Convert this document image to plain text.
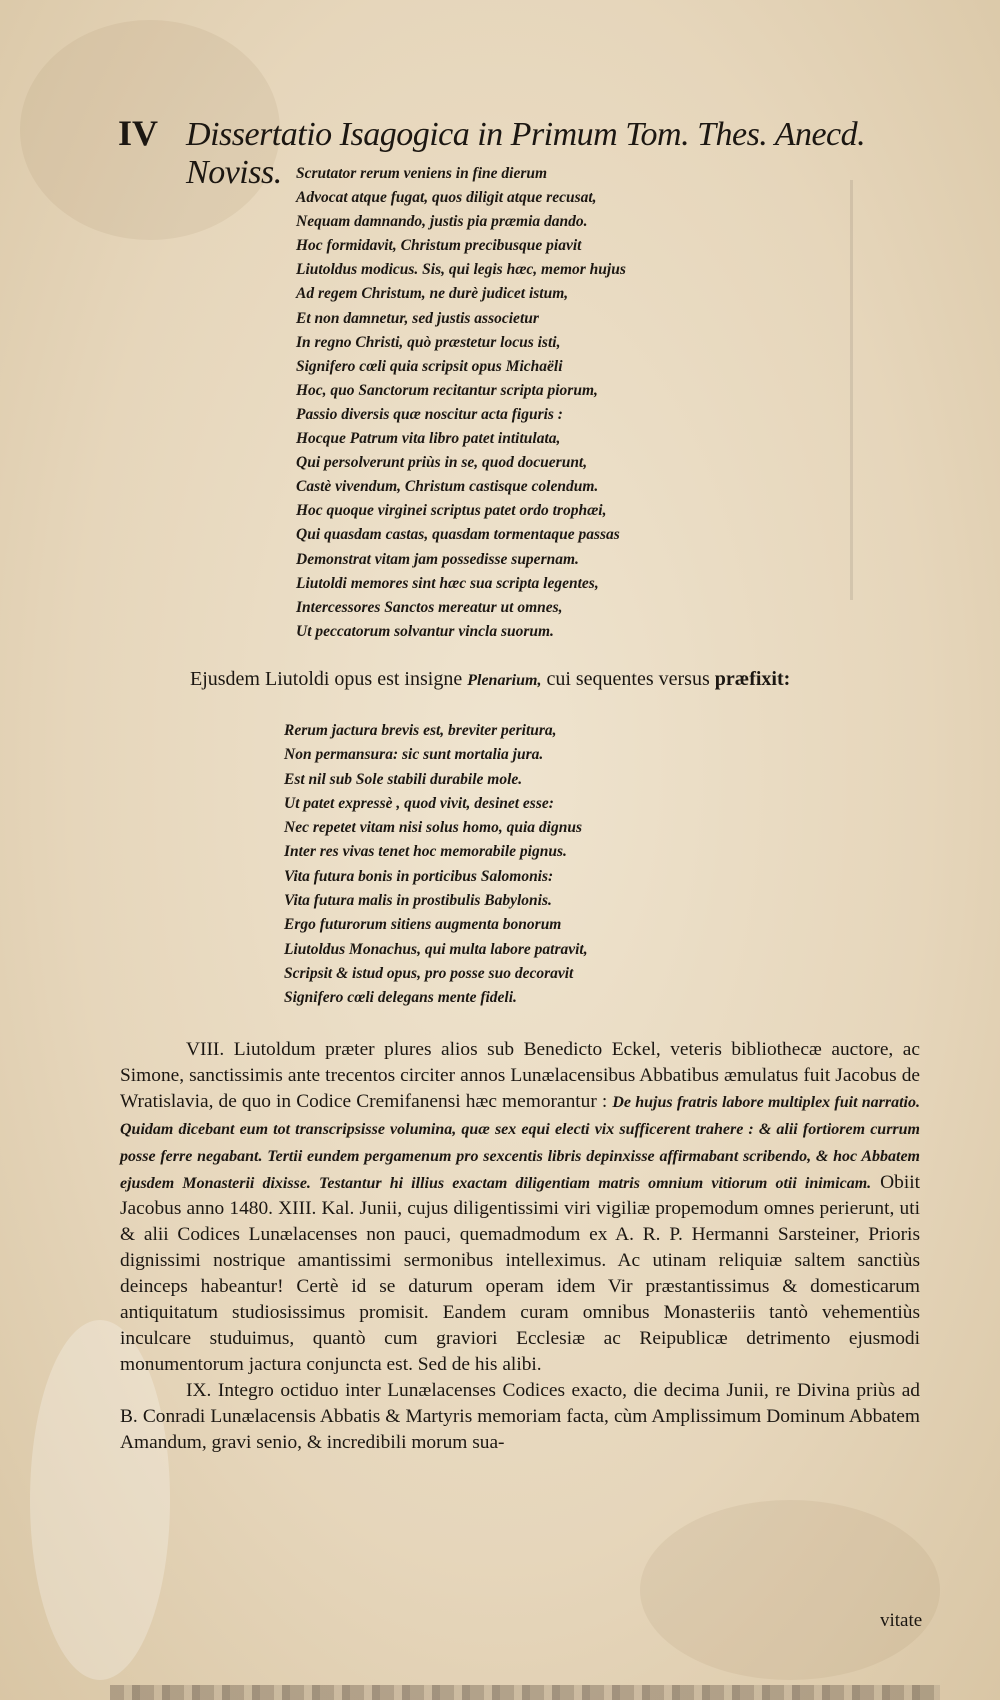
IV Dissertatio Isagogica in Primum Tom. Thes. Anecd. Noviss. Scrutator rerum veniens in fine dierum
Advocat atque fugat, quos diligit atque recusat,
Nequam damnando, justis pia præmia dando.
Hoc formidavit, Christum precibusque piavit
Liutoldus modicus. Sis, qui legis hæc, memor hujus
Ad regem Christum, ne durè judicet istum,
Et non damnetur, sed justis associetur
In regno Christi, quò præstetur locus isti,
Signifero cœli quia scripsit opus Michaëli
Hoc, quo Sanctorum recitantur scripta piorum,
Passio diversis quæ noscitur acta figuris :
Hocque Patrum vita libro patet intitulata,
Qui persolverunt priùs in se, quod docuerunt,
Castè vivendum, Christum castisque colendum.
Hoc quoque virginei scriptus patet ordo trophæi,
Qui quasdam castas, quasdam tormentaque passas
Demonstrat vitam jam possedisse supernam.
Liutoldi memores sint hæc sua scripta legentes,
Intercessores Sanctos mereatur ut omnes,
Ut peccatorum solvantur vincla suorum.
Ejusdem Liutoldi opus est insigne Plenarium, cui sequentes versus præfixit:
Rerum jactura brevis est, breviter peritura,
Non permansura: sic sunt mortalia jura.
Est nil sub Sole stabili durabile mole.
Ut patet expressè , quod vivit, desinet esse:
Nec repetet vitam nisi solus homo, quia dignus
Inter res vivas tenet hoc memorabile pignus.
Vita futura bonis in porticibus Salomonis:
Vita futura malis in prostibulis Babylonis.
Ergo futurorum sitiens augmenta bonorum
Liutoldus Monachus, qui multa labore patravit,
Scripsit & istud opus, pro posse suo decoravit
Signifero cœli delegans mente fideli.

VIII. Liutoldum præter plures alios sub Benedicto Eckel, veteris bibliothecæ auctore, ac Simone, sanctissimis ante trecentos circiter annos Lunælacensibus Abbatibus æmulatus fuit Jacobus de Wratislavia, de quo in Codice Cremifanensi hæc memorantur : De hujus fratris labore multiplex fuit narratio. Quidam dicebant eum tot transcripsisse volumina, quæ sex equi electi vix sufficerent trahere : & alii fortiorem currum posse ferre negabant. Tertii eundem pergamenum pro sexcentis libris depinxisse affirmabant scribendo, & hoc Abbatem ejusdem Monasterii dixisse. Testantur hi illius exactam diligentiam matris omnium vitiorum otii inimicam. Obiit Jacobus anno 1480. XIII. Kal. Junii, cujus diligentissimi viri vigiliæ propemodum omnes perierunt, uti & alii Codices Lunælacenses non pauci, quemadmodum ex A. R. P. Hermanni Sarsteiner, Prioris dignissimi nostrique amantissimi sermonibus intelleximus. Ac utinam reliquiæ saltem sanctiùs deinceps habeantur! Certè id se daturum operam idem Vir præstantissimus & domesticarum antiquitatum studiosissimus promisit. Eandem curam omnibus Monasteriis tantò vehementiùs inculcare studuimus, quantò cum graviori Ecclesiæ ac Reipublicæ detrimento ejusmodi monumentorum jactura conjuncta est. Sed de his alibi.

IX. Integro octiduo inter Lunælacenses Codices exacto, die decima Junii, re Divina priùs ad B. Conradi Lunælacensis Abbatis & Martyris memoriam facta, cùm Amplissimum Dominum Abbatem Amandum, gravi senio, & incredibili morum sua-

vitate
